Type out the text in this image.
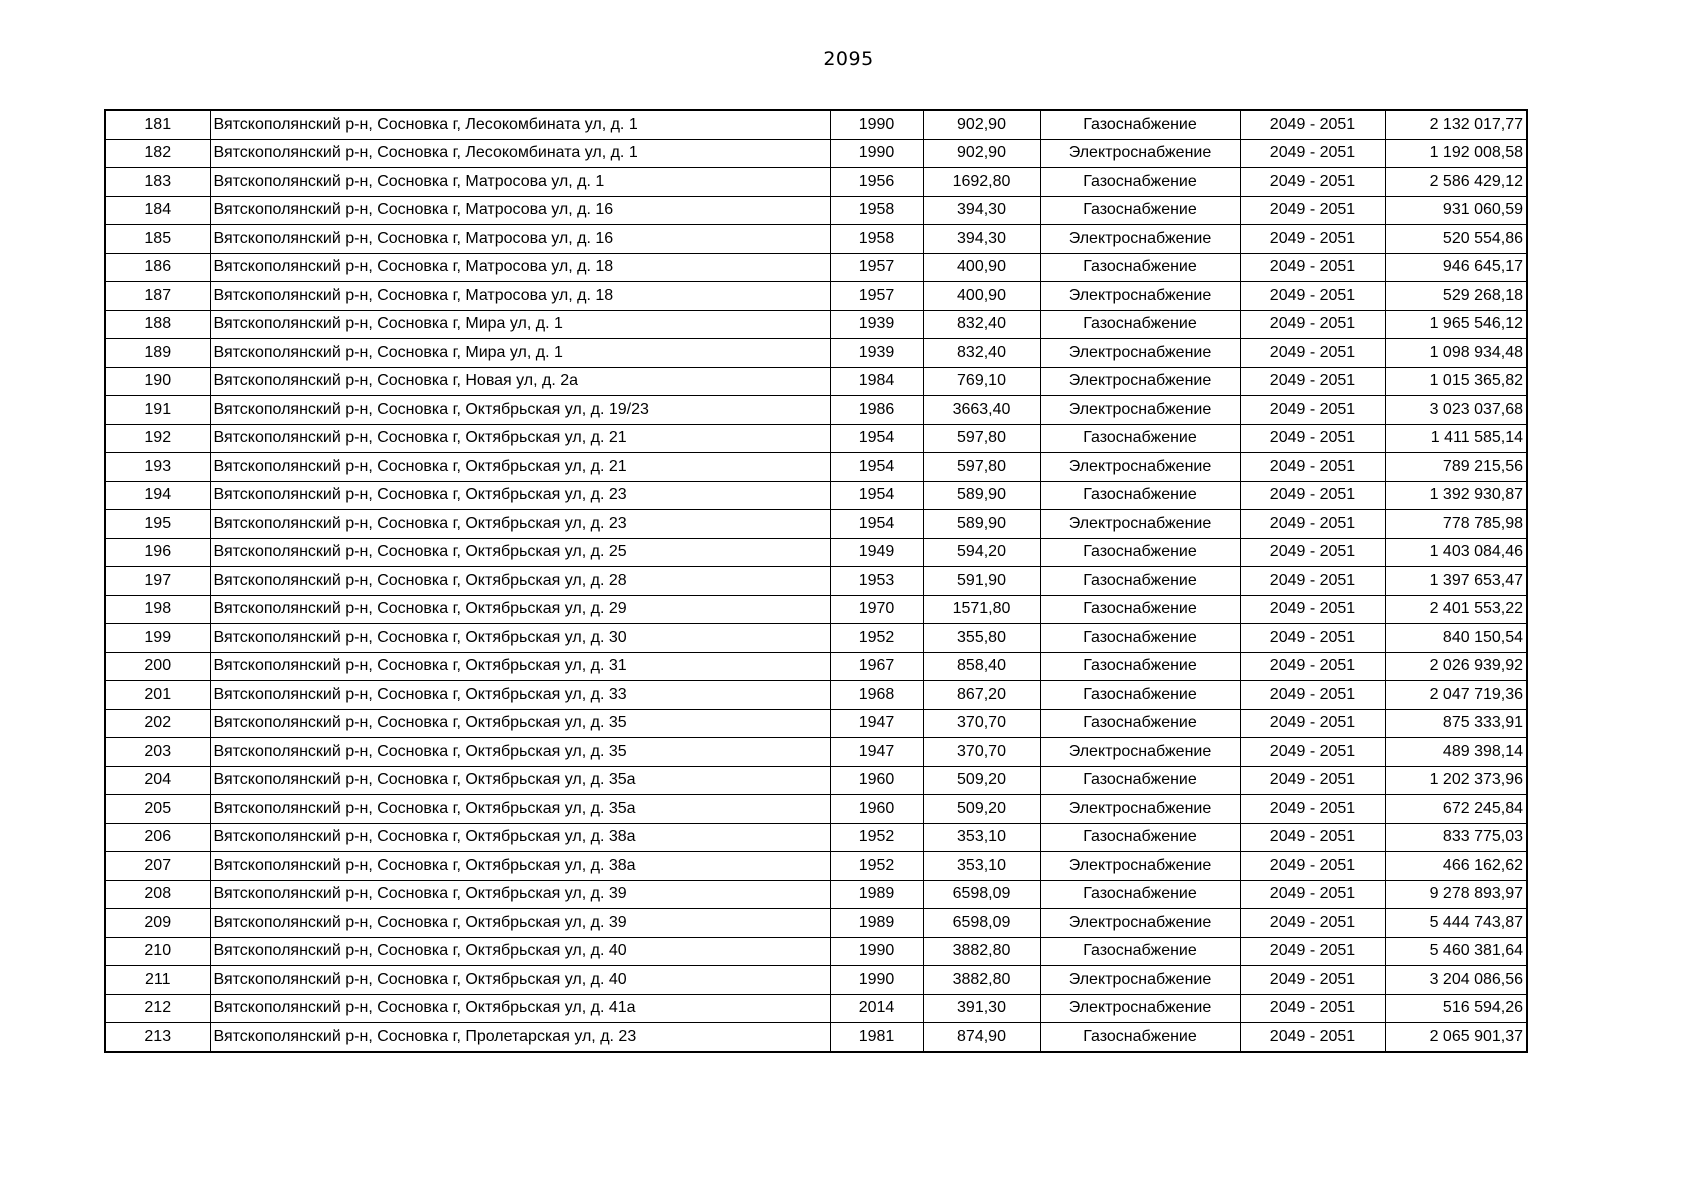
2095
181	Вятскополянский р-н, Сосновка г, Лесокомбината ул, д. 1	1990	902,90	Газоснабжение	2049 - 2051	2 132 017,77
182	Вятскополянский р-н, Сосновка г, Лесокомбината ул, д. 1	1990	902,90	Электроснабжение	2049 - 2051	1 192 008,58
183	Вятскополянский р-н, Сосновка г, Матросова ул, д. 1	1956	1692,80	Газоснабжение	2049 - 2051	2 586 429,12
184	Вятскополянский р-н, Сосновка г, Матросова ул, д. 16	1958	394,30	Газоснабжение	2049 - 2051	931 060,59
185	Вятскополянский р-н, Сосновка г, Матросова ул, д. 16	1958	394,30	Электроснабжение	2049 - 2051	520 554,86
186	Вятскополянский р-н, Сосновка г, Матросова ул, д. 18	1957	400,90	Газоснабжение	2049 - 2051	946 645,17
187	Вятскополянский р-н, Сосновка г, Матросова ул, д. 18	1957	400,90	Электроснабжение	2049 - 2051	529 268,18
188	Вятскополянский р-н, Сосновка г, Мира ул, д. 1	1939	832,40	Газоснабжение	2049 - 2051	1 965 546,12
189	Вятскополянский р-н, Сосновка г, Мира ул, д. 1	1939	832,40	Электроснабжение	2049 - 2051	1 098 934,48
190	Вятскополянский р-н, Сосновка г, Новая ул, д. 2а	1984	769,10	Электроснабжение	2049 - 2051	1 015 365,82
191	Вятскополянский р-н, Сосновка г, Октябрьская ул, д. 19/23	1986	3663,40	Электроснабжение	2049 - 2051	3 023 037,68
192	Вятскополянский р-н, Сосновка г, Октябрьская ул, д. 21	1954	597,80	Газоснабжение	2049 - 2051	1 411 585,14
193	Вятскополянский р-н, Сосновка г, Октябрьская ул, д. 21	1954	597,80	Электроснабжение	2049 - 2051	789 215,56
194	Вятскополянский р-н, Сосновка г, Октябрьская ул, д. 23	1954	589,90	Газоснабжение	2049 - 2051	1 392 930,87
195	Вятскополянский р-н, Сосновка г, Октябрьская ул, д. 23	1954	589,90	Электроснабжение	2049 - 2051	778 785,98
196	Вятскополянский р-н, Сосновка г, Октябрьская ул, д. 25	1949	594,20	Газоснабжение	2049 - 2051	1 403 084,46
197	Вятскополянский р-н, Сосновка г, Октябрьская ул, д. 28	1953	591,90	Газоснабжение	2049 - 2051	1 397 653,47
198	Вятскополянский р-н, Сосновка г, Октябрьская ул, д. 29	1970	1571,80	Газоснабжение	2049 - 2051	2 401 553,22
199	Вятскополянский р-н, Сосновка г, Октябрьская ул, д. 30	1952	355,80	Газоснабжение	2049 - 2051	840 150,54
200	Вятскополянский р-н, Сосновка г, Октябрьская ул, д. 31	1967	858,40	Газоснабжение	2049 - 2051	2 026 939,92
201	Вятскополянский р-н, Сосновка г, Октябрьская ул, д. 33	1968	867,20	Газоснабжение	2049 - 2051	2 047 719,36
202	Вятскополянский р-н, Сосновка г, Октябрьская ул, д. 35	1947	370,70	Газоснабжение	2049 - 2051	875 333,91
203	Вятскополянский р-н, Сосновка г, Октябрьская ул, д. 35	1947	370,70	Электроснабжение	2049 - 2051	489 398,14
204	Вятскополянский р-н, Сосновка г, Октябрьская ул, д. 35а	1960	509,20	Газоснабжение	2049 - 2051	1 202 373,96
205	Вятскополянский р-н, Сосновка г, Октябрьская ул, д. 35а	1960	509,20	Электроснабжение	2049 - 2051	672 245,84
206	Вятскополянский р-н, Сосновка г, Октябрьская ул, д. 38а	1952	353,10	Газоснабжение	2049 - 2051	833 775,03
207	Вятскополянский р-н, Сосновка г, Октябрьская ул, д. 38а	1952	353,10	Электроснабжение	2049 - 2051	466 162,62
208	Вятскополянский р-н, Сосновка г, Октябрьская ул, д. 39	1989	6598,09	Газоснабжение	2049 - 2051	9 278 893,97
209	Вятскополянский р-н, Сосновка г, Октябрьская ул, д. 39	1989	6598,09	Электроснабжение	2049 - 2051	5 444 743,87
210	Вятскополянский р-н, Сосновка г, Октябрьская ул, д. 40	1990	3882,80	Газоснабжение	2049 - 2051	5 460 381,64
211	Вятскополянский р-н, Сосновка г, Октябрьская ул, д. 40	1990	3882,80	Электроснабжение	2049 - 2051	3 204 086,56
212	Вятскополянский р-н, Сосновка г, Октябрьская ул, д. 41а	2014	391,30	Электроснабжение	2049 - 2051	516 594,26
213	Вятскополянский р-н, Сосновка г, Пролетарская ул, д. 23	1981	874,90	Газоснабжение	2049 - 2051	2 065 901,37
